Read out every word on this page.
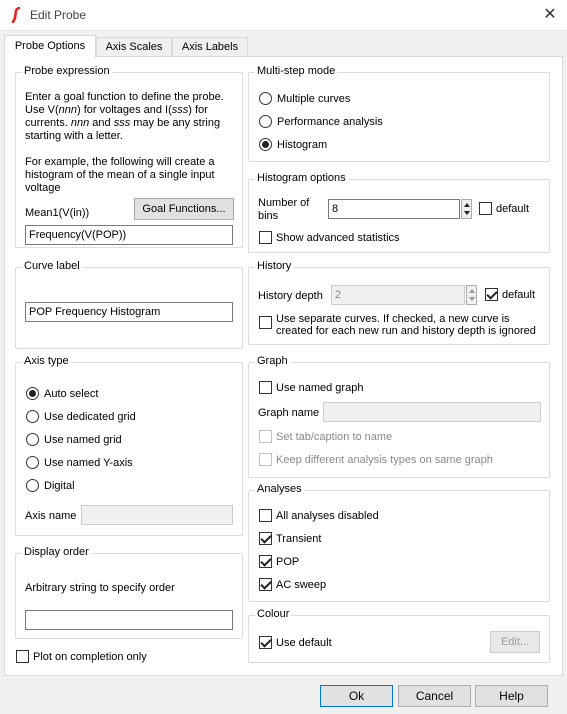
Edit Probe	✕
Probe Options	Axis Scales	Axis Labels
Probe expression
Enter a goal function to define the probe.
Use V(nnn) for voltages and I(sss) for
currents. nnn and sss may be any string
starting with a letter.
For example, the following will create a
histogram of the mean of a single input
voltage
Mean1(V(in))	Goal Functions...
Frequency(V(POP))
Curve label
POP Frequency Histogram
Axis type
Auto select
Use dedicated grid
Use named grid
Use named Y-axis
Digital
Axis name
Display order
Arbitrary string to specify order
Plot on completion only
Multi-step mode
Multiple curves
Performance analysis
Histogram
Histogram options
Number of
bins
8	default
Show advanced statistics
History
History depth	2	default
Use separate curves. If checked, a new curve is
created for each new run and history depth is ignored
Graph
Use named graph
Graph name
Set tab/caption to name
Keep different analysis types on same graph
Analyses
All analyses disabled
Transient
POP
AC sweep
Colour
Use default	Edit...
Ok	Cancel	Help
